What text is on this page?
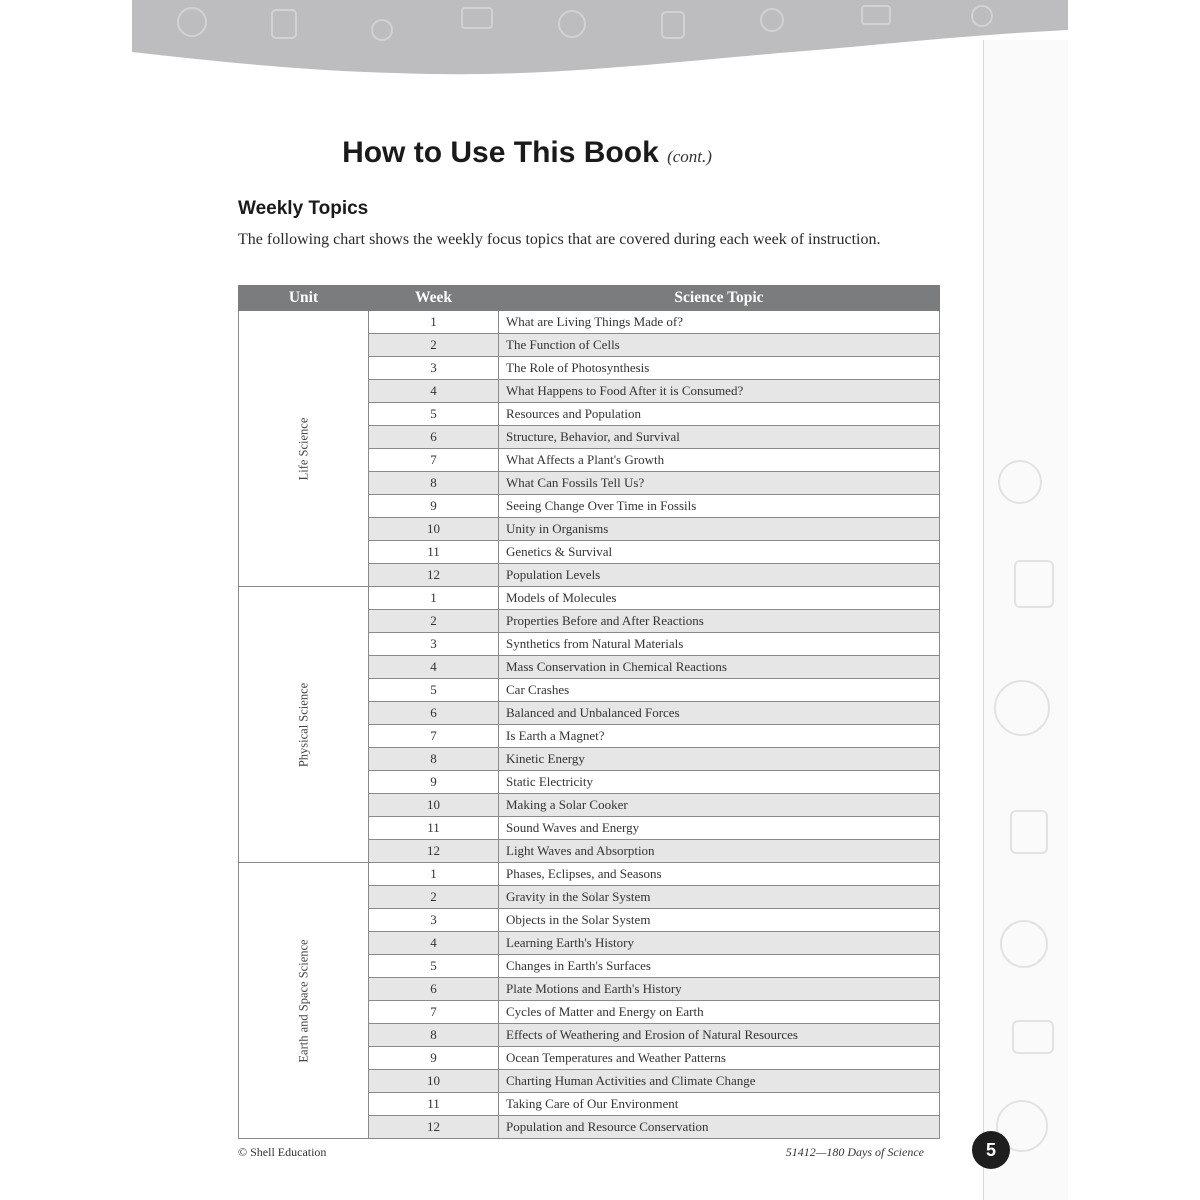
How to Use This Book (cont.)
Weekly Topics

The following chart shows the weekly focus topics that are covered during each week of instruction.

Unit	Week	Science Topic

Life Science	1	What are Living Things Made of?
	2	The Function of Cells
	3	The Role of Photosynthesis
	4	What Happens to Food After it is Consumed?
	5	Resources and Population
	6	Structure, Behavior, and Survival
	7	What Affects a Plant's Growth
	8	What Can Fossils Tell Us?
	9	Seeing Change Over Time in Fossils
	10	Unity in Organisms
	11	Genetics & Survival
	12	Population Levels

Physical Science	1	Models of Molecules
	2	Properties Before and After Reactions
	3	Synthetics from Natural Materials
	4	Mass Conservation in Chemical Reactions
	5	Car Crashes
	6	Balanced and Unbalanced Forces
	7	Is Earth a Magnet?
	8	Kinetic Energy
	9	Static Electricity
	10	Making a Solar Cooker
	11	Sound Waves and Energy
	12	Light Waves and Absorption

Earth and Space Science	1	Phases, Eclipses, and Seasons
	2	Gravity in the Solar System
	3	Objects in the Solar System
	4	Learning Earth's History
	5	Changes in Earth's Surfaces
	6	Plate Motions and Earth's History
	7	Cycles of Matter and Energy on Earth
	8	Effects of Weathering and Erosion of Natural Resources
	9	Ocean Temperatures and Weather Patterns
	10	Charting Human Activities and Climate Change
	11	Taking Care of Our Environment
	12	Population and Resource Conservation

© Shell Education	51412—180 Days of Science	5
